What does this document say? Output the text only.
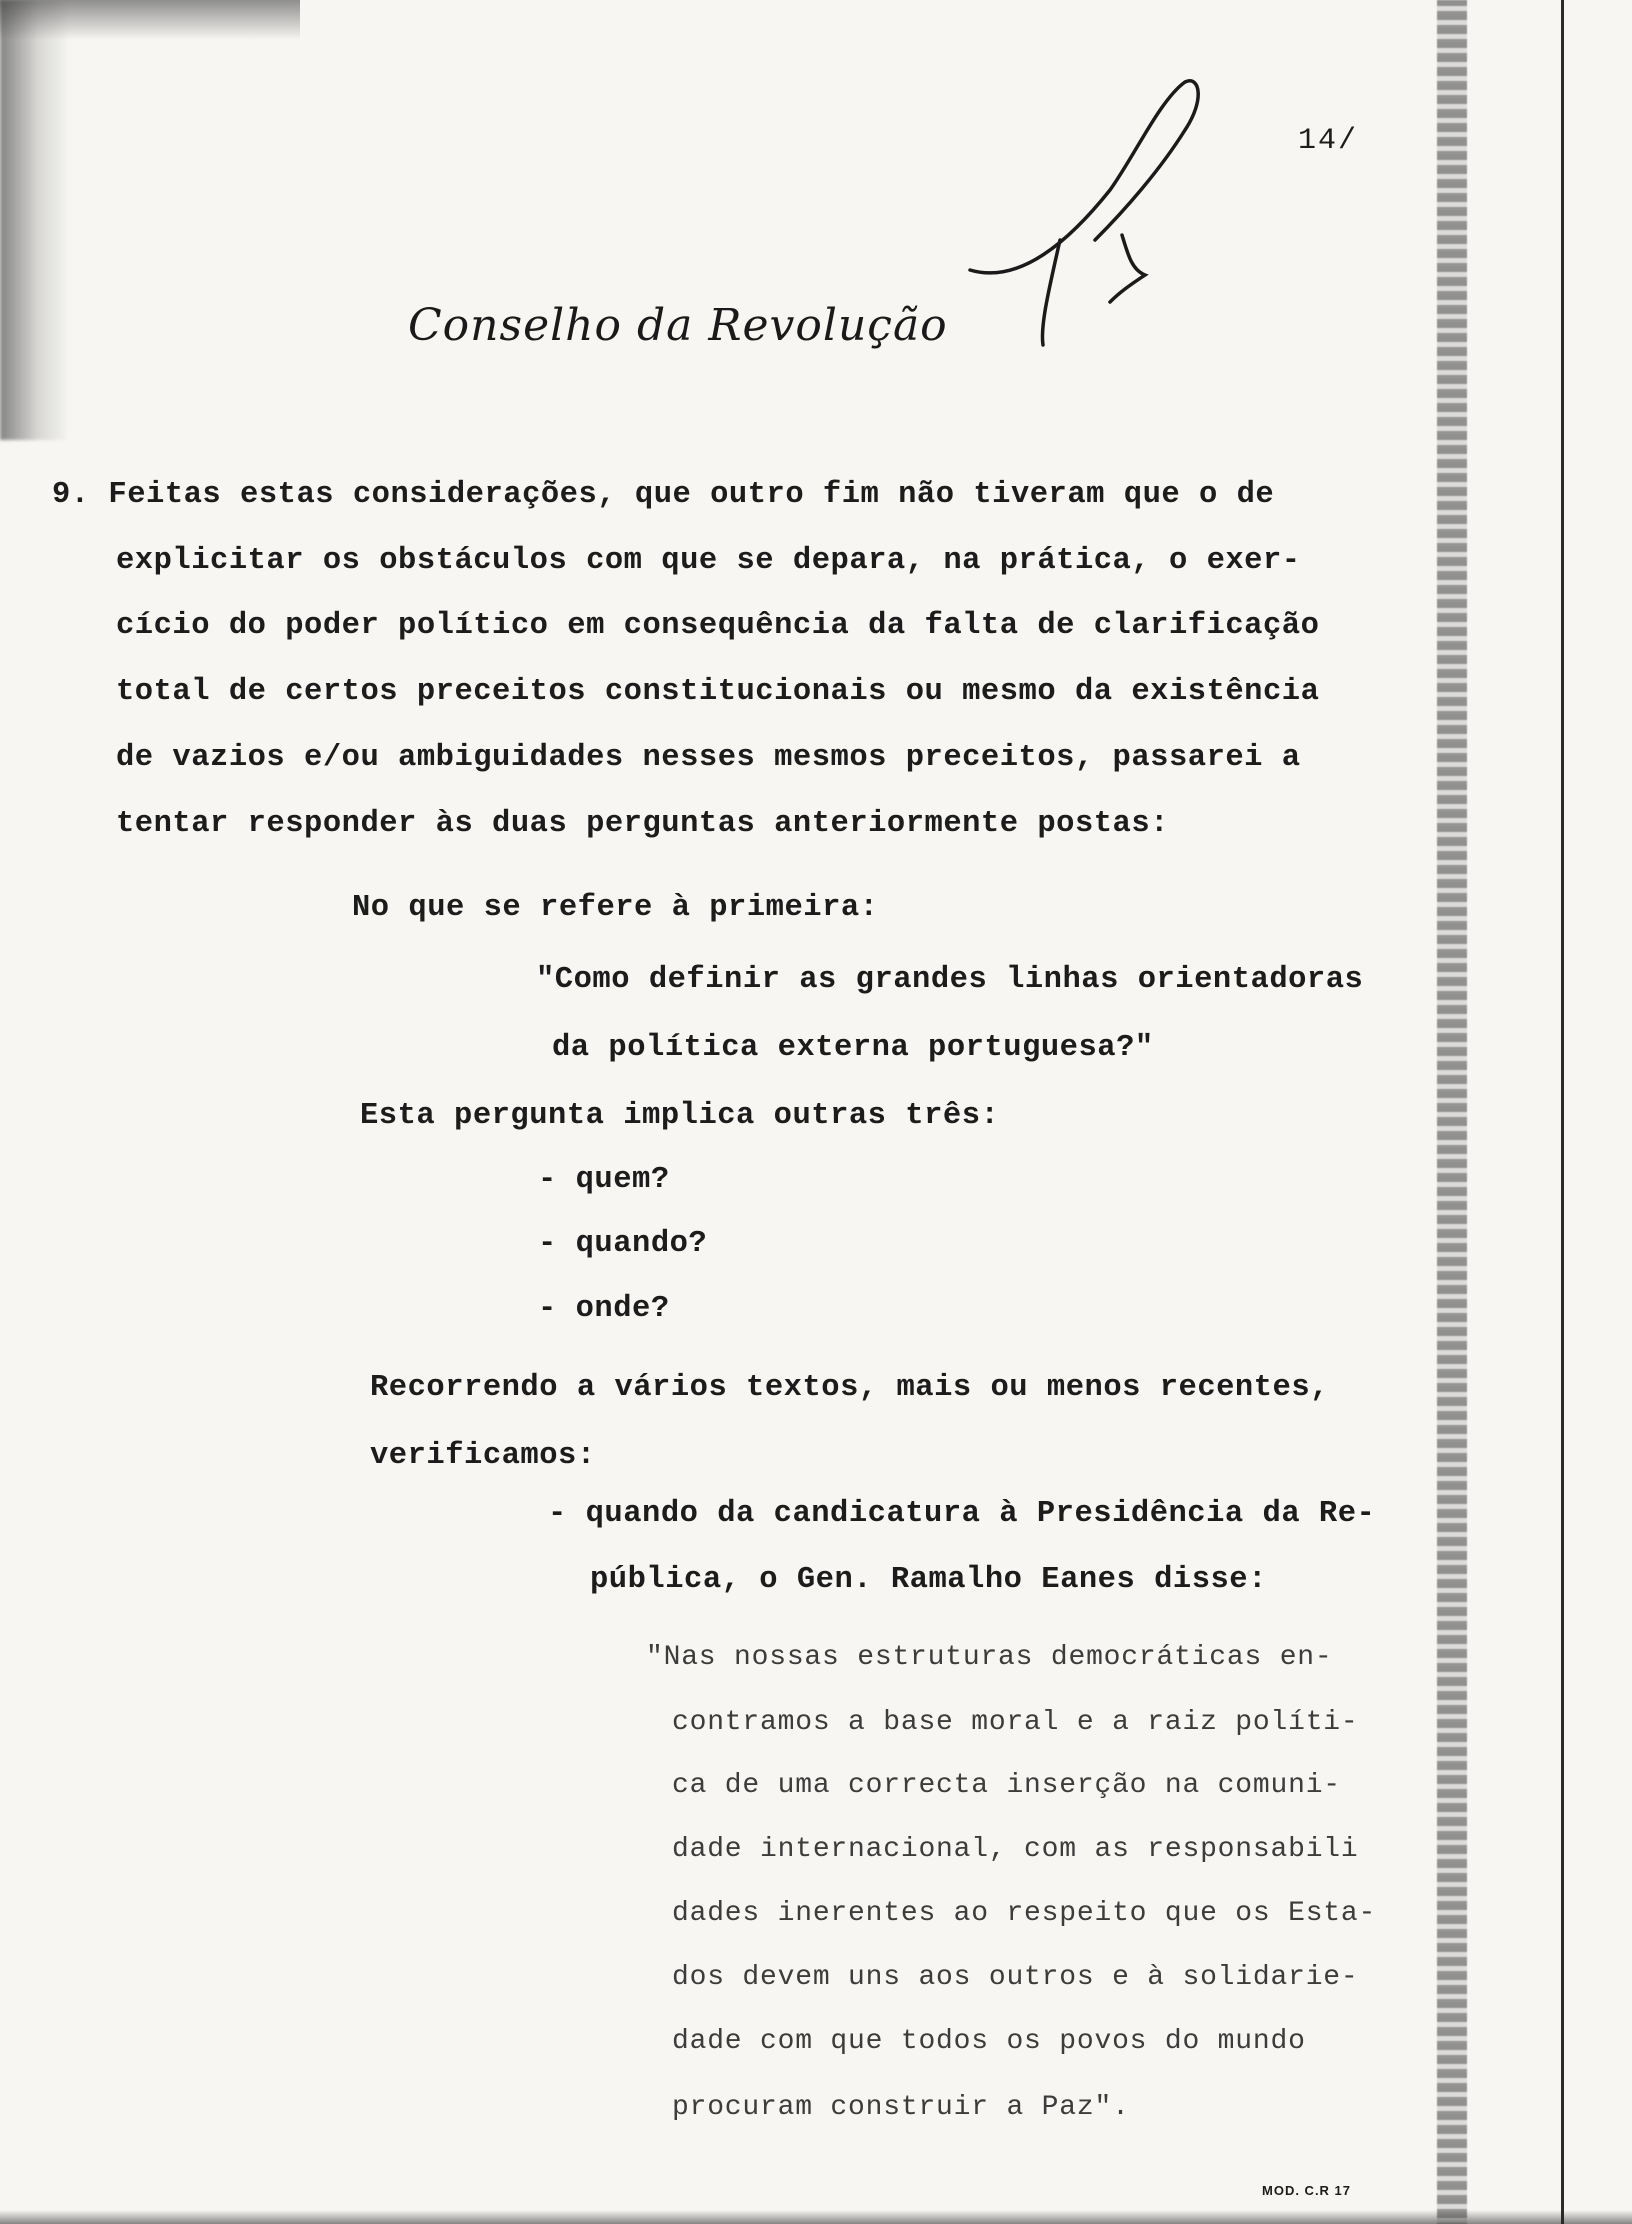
14/
Conselho da Revolução
9. Feitas estas considerações, que outro fim não tiveram que o de
explicitar os obstáculos com que se depara, na prática, o exer-
cício do poder político em consequência da falta de clarificação
total de certos preceitos constitucionais ou mesmo da existência
de vazios e/ou ambiguidades nesses mesmos preceitos, passarei a
tentar responder às duas perguntas anteriormente postas:
No que se refere à primeira:
"Como definir as grandes linhas orientadoras
da política externa portuguesa?"
Esta pergunta implica outras três:
- quem?
- quando?
- onde?
Recorrendo a vários textos, mais ou menos recentes,
verificamos:
- quando da candicatura à Presidência da Re-
pública, o Gen. Ramalho Eanes disse:
"Nas nossas estruturas democráticas en-
contramos a base moral e a raiz políti-
ca de uma correcta inserção na comuni-
dade internacional, com as responsabili
dades inerentes ao respeito que os Esta-
dos devem uns aos outros e à solidarie-
dade com que todos os povos do mundo
procuram construir a Paz".
MOD. C.R 17
